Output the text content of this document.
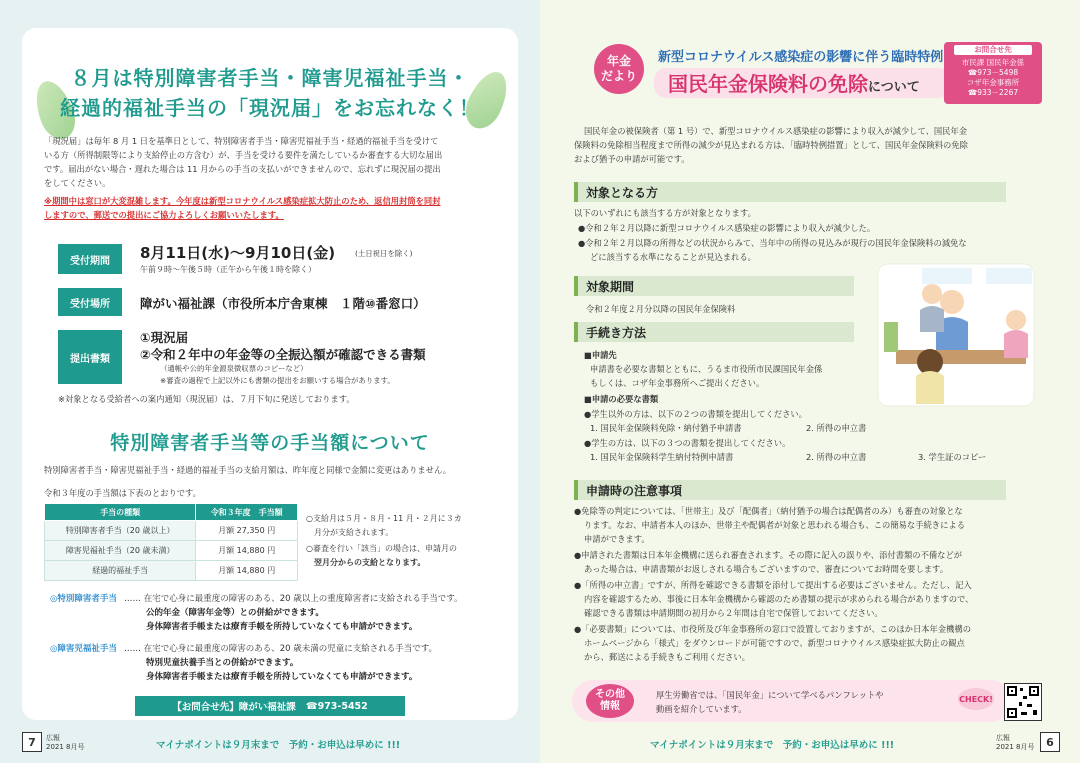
８月は特別障害者手当・障害児福祉手当・
経過的福祉手当の「現況届」をお忘れなく！
「現況届」は毎年 8 月 1 日を基準日として、特別障害者手当・障害児福祉手当・経過的福祉手当を受けて
いる方（所得制限等により支給停止の方含む）が、手当を受ける要件を満たしているか審査する大切な届出
です。届出がない場合・遅れた場合は 11 月からの手当の支払いができませんので、忘れずに現況届の提出
をしてください。
※期間中は窓口が大変混雑します。今年度は新型コロナウイルス感染症拡大防止のため、返信用封筒を同封
しますので、郵送での提出にご協力よろしくお願いいたします。
受付期間	8月11日(水)～9月10日(金)	(土日祝日を除く)
午前９時～午後５時（正午から午後１時を除く）
受付場所	障がい福祉課（市役所本庁舎東棟　１階⑩番窓口）
提出書類
①現況届
②令和２年中の年金等の全振込額が確認できる書類
（通帳や公的年金源泉徴収票のコピーなど）
※審査の過程で上記以外にも書類の提出をお願いする場合があります。
※対象となる受給者への案内通知（現況届）は、７月下旬に発送しております。
特別障害者手当等の手当額について
特別障害者手当・障害児福祉手当・経過的福祉手当の支給月額は、昨年度と同様で金額に変更はありません。
令和３年度の手当額は下表のとおりです。
手当の種類	令和３年度　手当額
特別障害者手当（20 歳以上）	月額 27,350 円
障害児福祉手当（20 歳未満）	月額 14,880 円
経過的福祉手当	月額 14,880 円
○支給月は５月・８月・11 月・２月に３カ
月分が支給されます。
○審査を行い「該当」の場合は、申請月の
翌月分からの支給となります。
◎特別障害者手当 …… 在宅で心身に最重度の障害のある、20 歳以上の重度障害者に支給される手当です。
公的年金（障害年金等）との併給ができます。
身体障害者手帳または療育手帳を所持していなくても申請ができます。
◎障害児福祉手当 …… 在宅で心身に最重度の障害のある、20 歳未満の児童に支給される手当です。
特別児童扶養手当との併給ができます。
身体障害者手帳または療育手帳を所持していなくても申請ができます。
【お問合せ先】障がい福祉課 ☎973-5452
7	広報
2021 8月号	マイナポイントは９月末まで　予約・お申込は早めに !!!
年金
だより
新型コロナウイルス感染症の影響に伴う臨時特例
国民年金保険料の免除について
お問合せ先
市民課 国民年金係
☎973－5498
コザ年金事務所
☎933－2267
国民年金の被保険者（第 1 号）で、新型コロナウイルス感染症の影響により収入が減少して、国民年金
保険料の免除相当程度まで所得の減少が見込まれる方は、「臨時特例措置」として、国民年金保険料の免除
および猶予の申請が可能です。
対象となる方
以下のいずれにも該当する方が対象となります。
●令和２年２月以降に新型コロナウイルス感染症の影響により収入が減少した。
●令和２年２月以降の所得などの状況からみて、当年中の所得の見込みが現行の国民年金保険料の減免な
どに該当する水準になることが見込まれる。
対象期間
令和２年度２月分以降の国民年金保険料
手続き方法
■申請先
申請書を必要な書類とともに、うるま市役所市民課国民年金係
もしくは、コザ年金事務所へご提出ください。
■申請の必要な書類
●学生以外の方は、以下の２つの書類を提出してください。
1. 国民年金保険料免除・納付猶予申請書	2. 所得の申立書
●学生の方は、以下の３つの書類を提出してください。
1. 国民年金保険料学生納付特例申請書	2. 所得の申立書	3. 学生証のコピー
申請時の注意事項
●免除等の判定については、「世帯主」及び「配偶者」（納付猶予の場合は配偶者のみ）も審査の対象とな
ります。なお、申請者本人のほか、世帯主や配偶者が対象と思われる場合も、この簡易な手続きによる
申請ができます。
●申請された書類は日本年金機構に送られ審査されます。その際に記入の誤りや、添付書類の不備などが
あった場合は、申請書類がお返しされる場合もございますので、審査についてお時間を要します。
●「所得の申立書」ですが、所得を確認できる書類を添付して提出する必要はございません。ただし、記入
内容を確認するため、事後に日本年金機構から確認のため書類の提示が求められる場合がありますので、
確認できる書類は申請期間の初月から２年間は自宅で保管しておいてください。
●「必要書類」については、市役所及び年金事務所の窓口で設置しておりますが、このほか日本年金機構の
ホームページから「様式」をダウンロードが可能ですので、新型コロナウイルス感染症拡大防止の観点
から、郵送による手続きもご利用ください。
その他
情報
厚生労働省では、「国民年金」について学べるパンフレットや
動画を紹介しています。
CHECK!
マイナポイントは９月末まで　予約・お申込は早めに !!!
広報
2021 8月号	6
